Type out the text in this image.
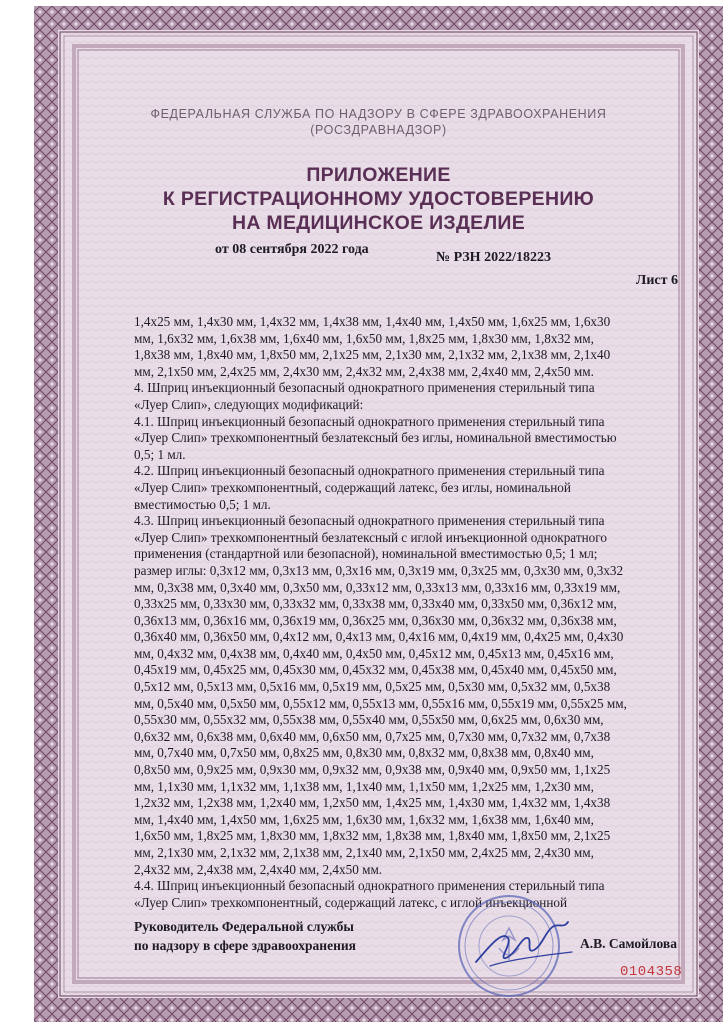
ФЕДЕРАЛЬНАЯ СЛУЖБА ПО НАДЗОРУ В СФЕРЕ ЗДРАВООХРАНЕНИЯ
(РОСЗДРАВНАДЗОР)
ПРИЛОЖЕНИЕ
К РЕГИСТРАЦИОННОМУ УДОСТОВЕРЕНИЮ
НА МЕДИЦИНСКОЕ ИЗДЕЛИЕ
от 08 сентября 2022 года
№ РЗН 2022/18223
Лист 6

1,4х25 мм, 1,4х30 мм, 1,4х32 мм, 1,4х38 мм, 1,4х40 мм, 1,4х50 мм, 1,6х25 мм, 1,6х30

мм, 1,6х32 мм, 1,6х38 мм, 1,6х40 мм, 1,6х50 мм, 1,8х25 мм, 1,8х30 мм, 1,8х32 мм,

1,8х38 мм, 1,8х40 мм, 1,8х50 мм, 2,1х25 мм, 2,1х30 мм, 2,1х32 мм, 2,1х38 мм, 2,1х40

мм, 2,1х50 мм, 2,4х25 мм, 2,4х30 мм, 2,4х32 мм, 2,4х38 мм, 2,4х40 мм, 2,4х50 мм.

4. Шприц инъекционный безопасный однократного применения стерильный типа

«Луер Слип», следующих модификаций:

4.1. Шприц инъекционный безопасный однократного применения стерильный типа

«Луер Слип» трехкомпонентный безлатексный без иглы, номинальной вместимостью

0,5; 1 мл.

4.2. Шприц инъекционный безопасный однократного применения стерильный типа

«Луер Слип» трехкомпонентный, содержащий латекс, без иглы, номинальной

вместимостью 0,5; 1 мл.

4.3. Шприц инъекционный безопасный однократного применения стерильный типа

«Луер Слип» трехкомпонентный безлатексный с иглой инъекционной однократного

применения (стандартной или безопасной), номинальной вместимостью 0,5; 1 мл;

размер иглы: 0,3х12 мм, 0,3х13 мм, 0,3х16 мм, 0,3х19 мм, 0,3х25 мм, 0,3х30 мм, 0,3х32

мм, 0,3х38 мм, 0,3х40 мм, 0,3х50 мм, 0,33х12 мм, 0,33х13 мм, 0,33х16 мм, 0,33х19 мм,

0,33х25 мм, 0,33х30 мм, 0,33х32 мм, 0,33х38 мм, 0,33х40 мм, 0,33х50 мм, 0,36х12 мм,

0,36х13 мм, 0,36х16 мм, 0,36х19 мм, 0,36х25 мм, 0,36х30 мм, 0,36х32 мм, 0,36х38 мм,

0,36х40 мм, 0,36х50 мм, 0,4х12 мм, 0,4х13 мм, 0,4х16 мм, 0,4х19 мм, 0,4х25 мм, 0,4х30

мм, 0,4х32 мм, 0,4х38 мм, 0,4х40 мм, 0,4х50 мм, 0,45х12 мм, 0,45х13 мм, 0,45х16 мм,

0,45х19 мм, 0,45х25 мм, 0,45х30 мм, 0,45х32 мм, 0,45х38 мм, 0,45х40 мм, 0,45х50 мм,

0,5х12 мм, 0,5х13 мм, 0,5х16 мм, 0,5х19 мм, 0,5х25 мм, 0,5х30 мм, 0,5х32 мм, 0,5х38

мм, 0,5х40 мм, 0,5х50 мм, 0,55х12 мм, 0,55х13 мм, 0,55х16 мм, 0,55х19 мм, 0,55х25 мм,

0,55х30 мм, 0,55х32 мм, 0,55х38 мм, 0,55х40 мм, 0,55х50 мм, 0,6х25 мм, 0,6х30 мм,

0,6х32 мм, 0,6х38 мм, 0,6х40 мм, 0,6х50 мм, 0,7х25 мм, 0,7х30 мм, 0,7х32 мм, 0,7х38

мм, 0,7х40 мм, 0,7х50 мм, 0,8х25 мм, 0,8х30 мм, 0,8х32 мм, 0,8х38 мм, 0,8х40 мм,

0,8х50 мм, 0,9х25 мм, 0,9х30 мм, 0,9х32 мм, 0,9х38 мм, 0,9х40 мм, 0,9х50 мм, 1,1х25

мм, 1,1х30 мм, 1,1х32 мм, 1,1х38 мм, 1,1х40 мм, 1,1х50 мм, 1,2х25 мм, 1,2х30 мм,

1,2х32 мм, 1,2х38 мм, 1,2х40 мм, 1,2х50 мм, 1,4х25 мм, 1,4х30 мм, 1,4х32 мм, 1,4х38

мм, 1,4х40 мм, 1,4х50 мм, 1,6х25 мм, 1,6х30 мм, 1,6х32 мм, 1,6х38 мм, 1,6х40 мм,

1,6х50 мм, 1,8х25 мм, 1,8х30 мм, 1,8х32 мм, 1,8х38 мм, 1,8х40 мм, 1,8х50 мм, 2,1х25

мм, 2,1х30 мм, 2,1х32 мм, 2,1х38 мм, 2,1х40 мм, 2,1х50 мм, 2,4х25 мм, 2,4х30 мм,

2,4х32 мм, 2,4х38 мм, 2,4х40 мм, 2,4х50 мм.

4.4. Шприц инъекционный безопасный однократного применения стерильный типа

«Луер Слип» трехкомпонентный, содержащий латекс, с иглой инъекционной

Руководитель Федеральной службы
по надзору в сфере здравоохранения	А.В. Самойлова
0104358
